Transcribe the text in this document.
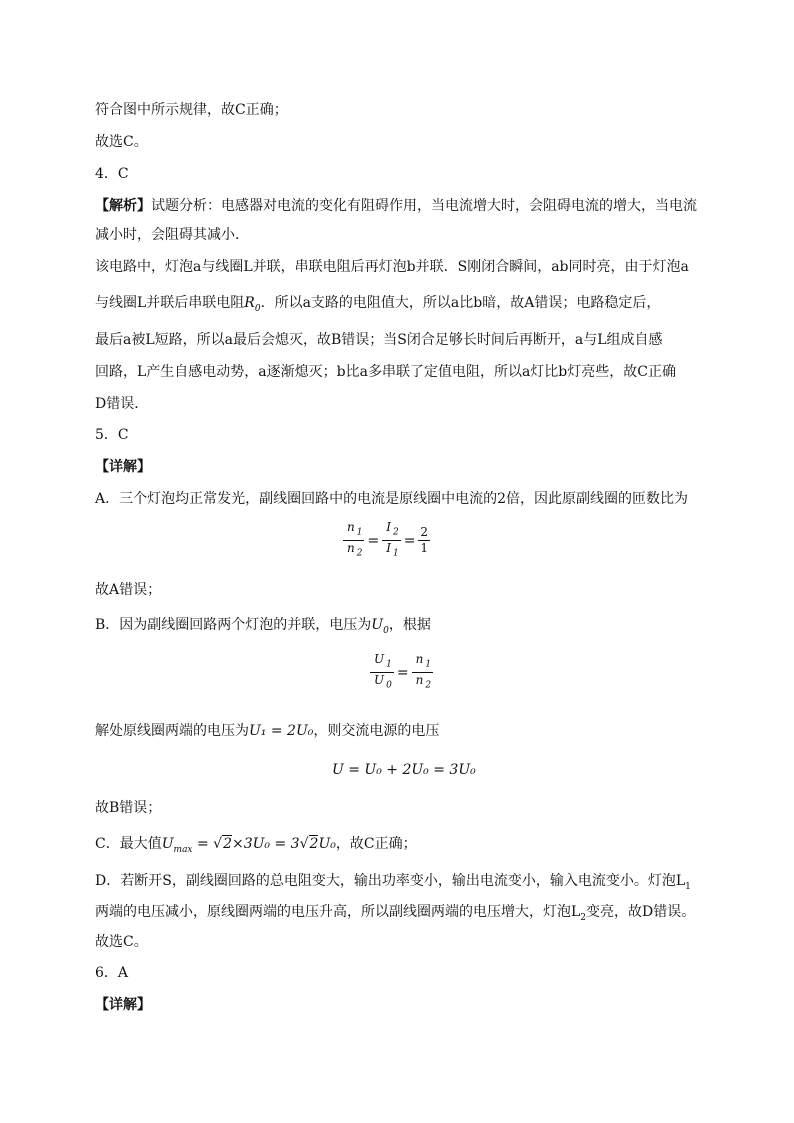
符合图中所示规律，故C正确；
故选C。
4．C
【解析】试题分析：电感器对电流的变化有阻碍作用，当电流增大时，会阻碍电流的增大，当电流
减小时，会阻碍其减小．
该电路中，灯泡a与线圈L并联，串联电阻后再灯泡b并联．S刚闭合瞬间，ab同时亮，由于灯泡a
与线圈L并联后串联电阻$R_0$．所以a支路的电阻值大，所以a比b暗，故A错误；电路稳定后，
最后a被L短路，所以a最后会熄灭，故B错误；当S闭合足够长时间后再断开，a与L组成自感
回路，L产生自感电动势，a逐渐熄灭；b比a多串联了定值电阻，所以a灯比b灯亮些，故C正确
D错误．
5．C
【详解】
A．三个灯泡均正常发光，副线圈回路中的电流是原线圈中电流的2倍，因此原副线圈的匝数比为
$\frac{n _1}{n _2} = \frac{I _2}{I _1} = \frac{2}{1}$
故A错误；
B．因为副线圈回路两个灯泡的并联，电压为$U_0$，根据
$\frac{U _1}{U _0} = \frac{n _1}{n _2}$
解处原线圈两端的电压为U₁ = 2U₀，则交流电源的电压
U = U₀ + 2U₀ = 3U₀
故B错误；
C．最大值$U_{max} = √2\times 3U_0 = 3√2U_0$，故C正确；
D．若断开S，副线圈回路的总电阻变大，输出功率变小，输出电流变小，输入电流变小。灯泡$L_1$
两端的电压减小，原线圈两端的电压升高，所以副线圈两端的电压增大，灯泡$L_2$变亮，故D错误。
故选C。
6．A
【详解】
